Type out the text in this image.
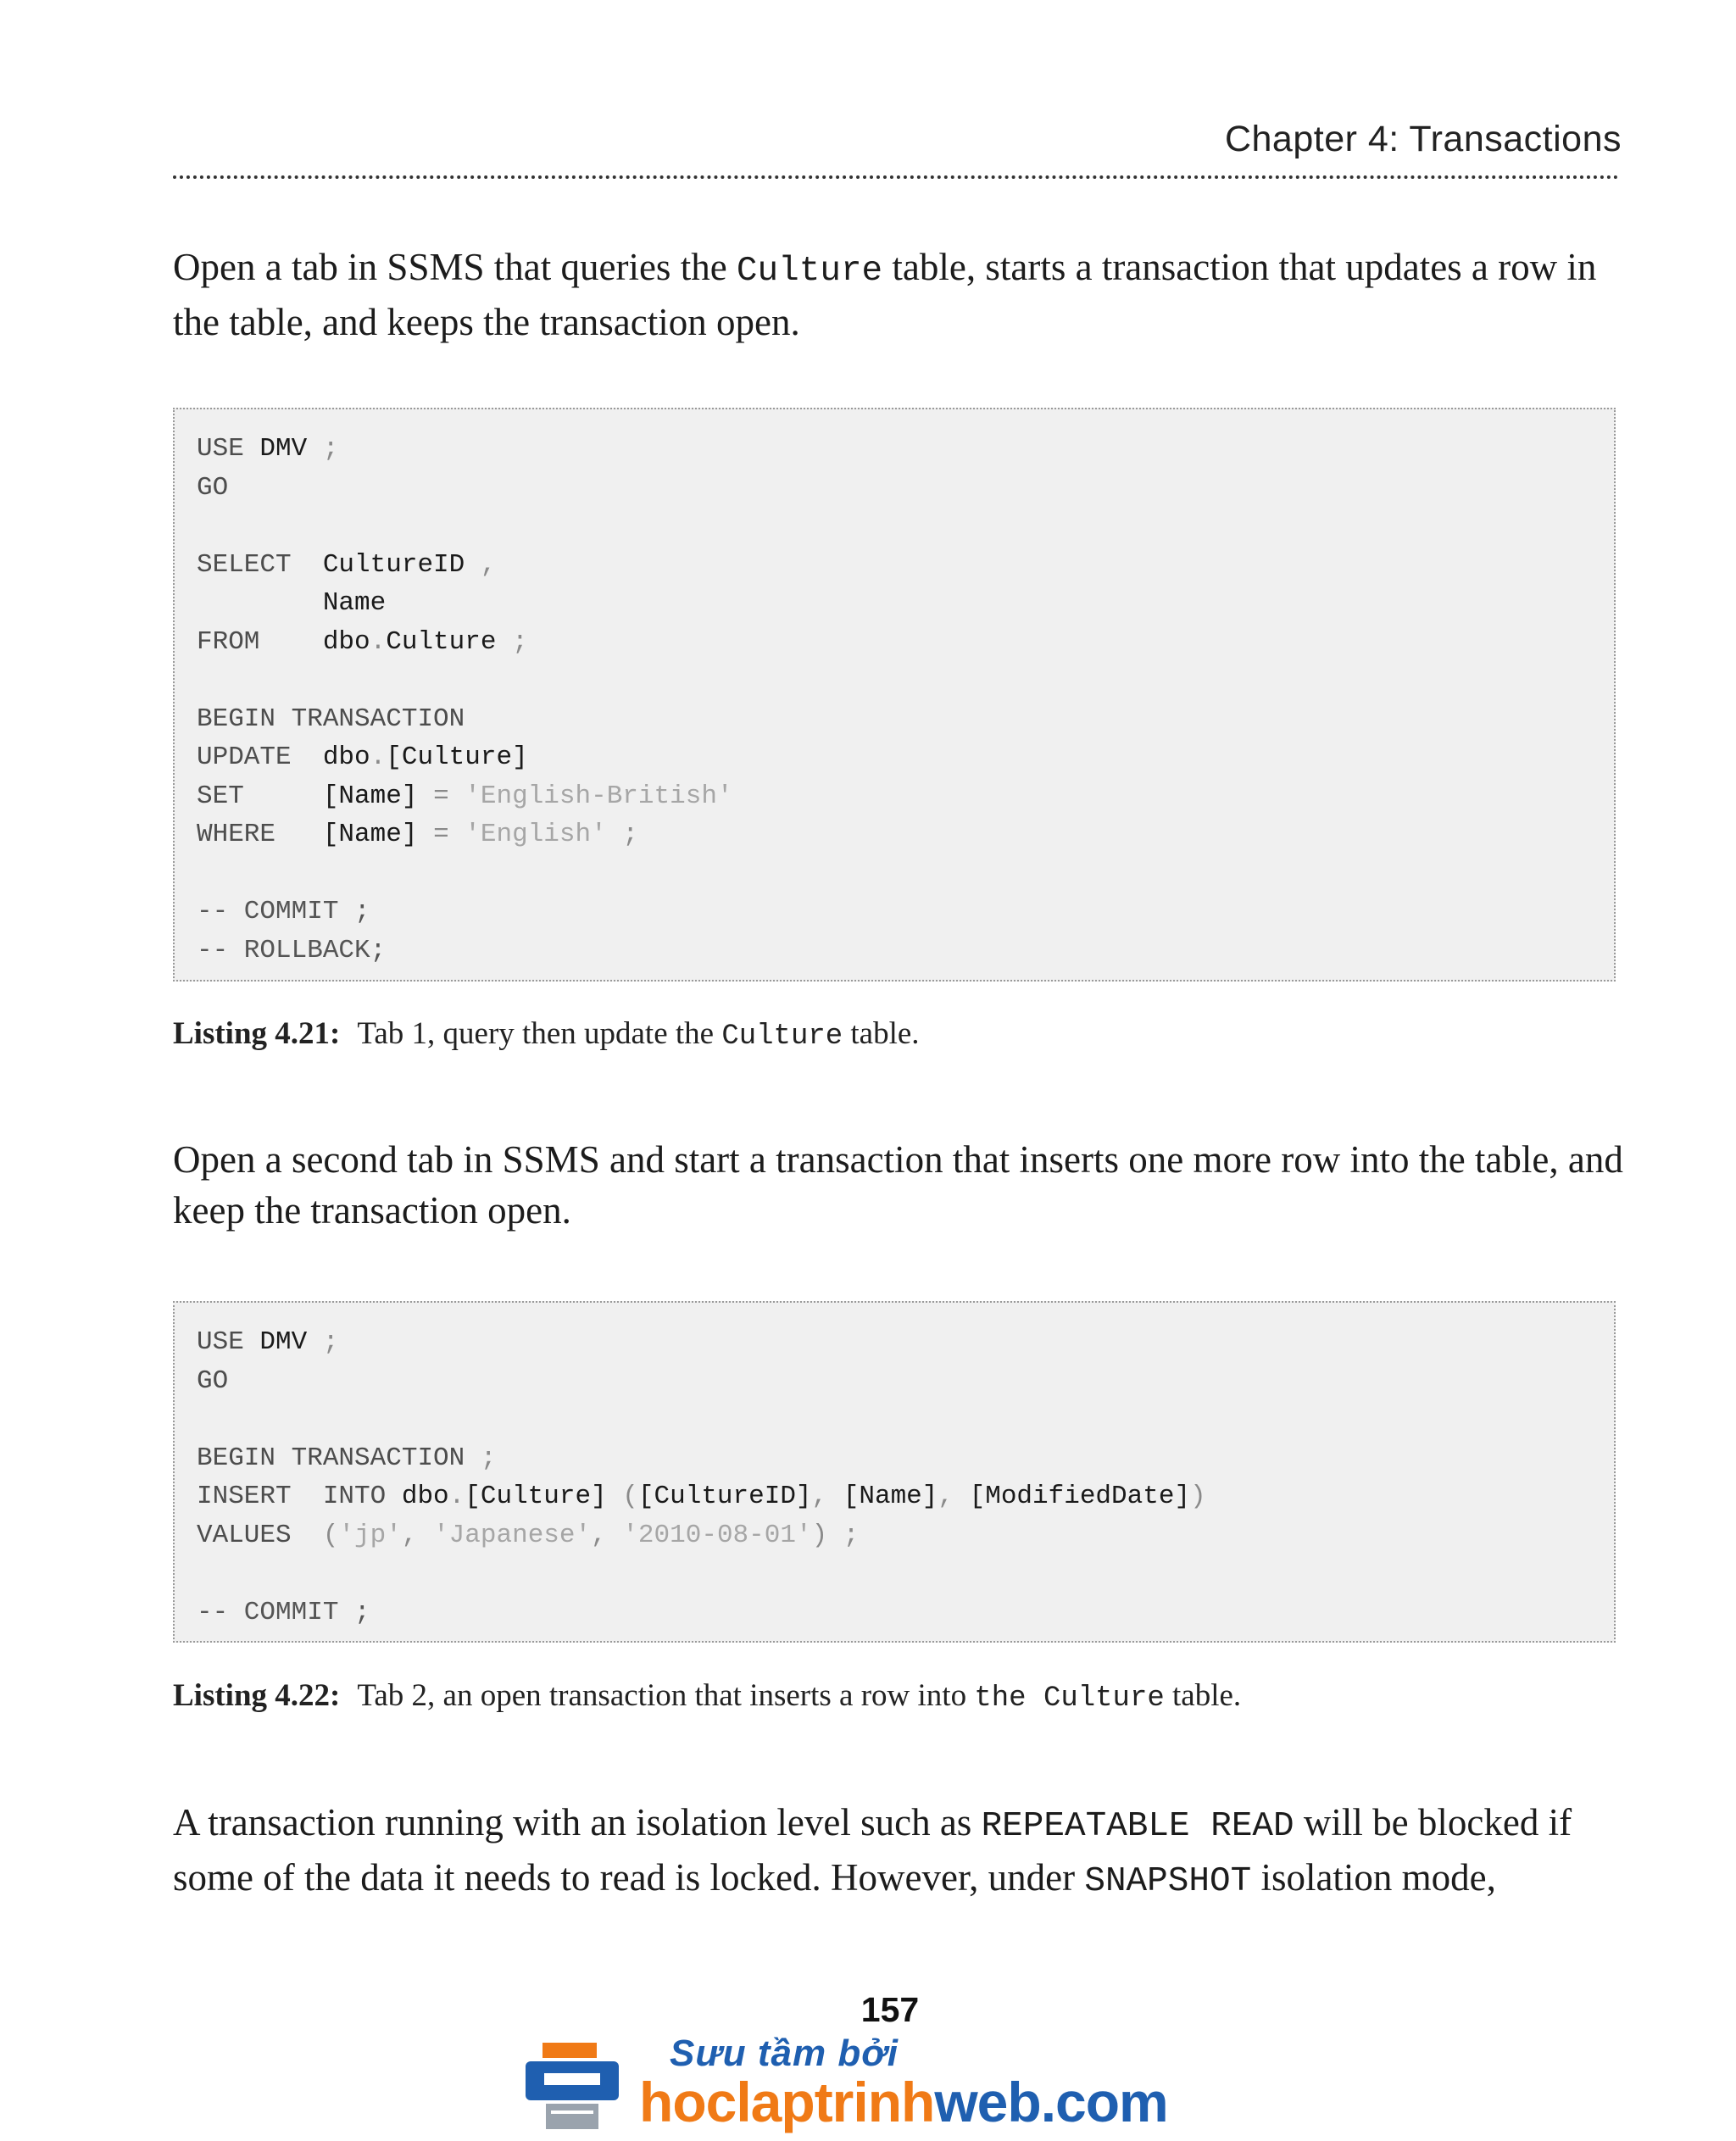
Chapter 4: Transactions

Open a tab in SSMS that queries the Culture table, starts a transaction that updates a row in the table, and keeps the transaction open.

USE DMV ;
GO

SELECT  CultureID ,
Name
FROM    dbo.Culture ;

BEGIN TRANSACTION
UPDATE  dbo.[Culture]
SET     [Name] = 'English-British'
WHERE   [Name] = 'English' ;

-- COMMIT ;
-- ROLLBACK;

Listing 4.21: Tab 1, query then update the Culture table.

Open a second tab in SSMS and start a transaction that inserts one more row into the table, and keep the transaction open.

USE DMV ;
GO

BEGIN TRANSACTION ;
INSERT  INTO dbo.[Culture] ([CultureID], [Name], [ModifiedDate])
VALUES  ('jp', 'Japanese', '2010-08-01') ;

-- COMMIT ;

Listing 4.22: Tab 2, an open transaction that inserts a row into the Culture table.

A transaction running with an isolation level such as REPEATABLE READ will be blocked if some of the data it needs to read is locked. However, under SNAPSHOT isolation mode,

157
Sưu tầm bởi
hoclaptrinhweb.com
